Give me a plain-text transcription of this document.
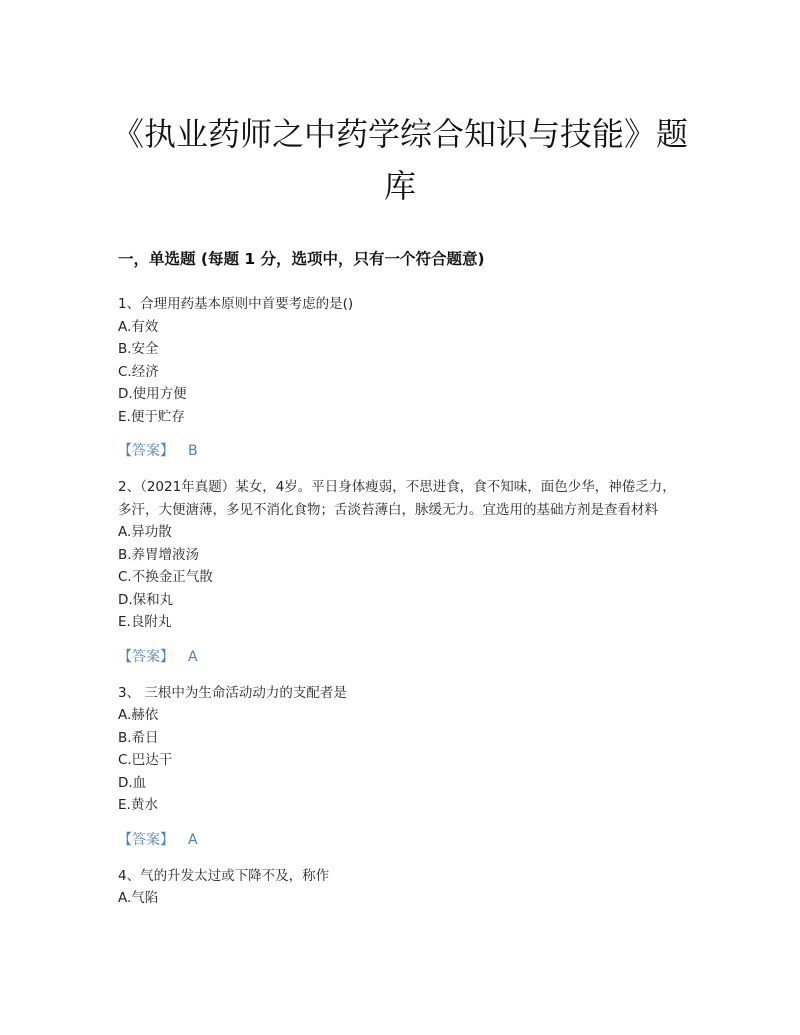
《执业药师之中药学综合知识与技能》题库
一，单选题 (每题 1 分，选项中，只有一个符合题意)

1、合理用药基本原则中首要考虑的是()

A.有效
B.安全
C.经济
D.使用方便
E.便于贮存

【答案】 B

2、（2021年真题）某女，4岁。平日身体瘦弱，不思进食，食不知味，面色少华，神倦乏力，多汗，大便溏薄，多见不消化食物；舌淡苔薄白，脉缓无力。宜选用的基础方剂是查看材料

A.异功散
B.养胃增液汤
C.不换金正气散
D.保和丸
E.良附丸

【答案】 A

3、 三根中为生命活动动力的支配者是

A.赫依
B.希日
C.巴达干
D.血
E.黄水

【答案】 A

4、气的升发太过或下降不及，称作

A.气陷
